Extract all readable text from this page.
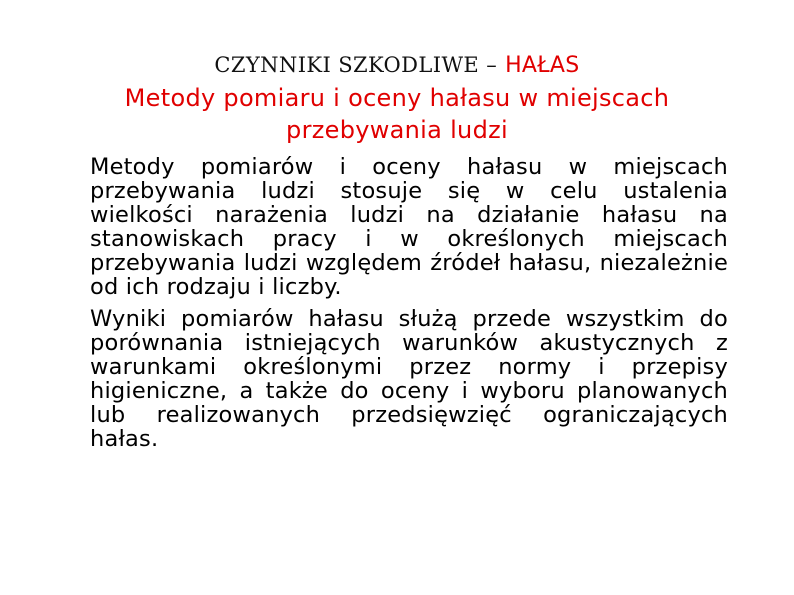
CZYNNIKI SZKODLIWE – HAŁAS
Metody pomiaru i oceny hałasu w miejscach
przebywania ludzi

Metody pomiarów i oceny hałasu w miejscach przebywania ludzi stosuje się w celu ustalenia wielkości narażenia ludzi na działanie hałasu na stanowiskach pracy i w określonych miejscach przebywania ludzi względem źródeł hałasu, niezależnie od ich rodzaju i liczby.

Wyniki pomiarów hałasu służą przede wszystkim do porównania istniejących warunków akustycznych z warunkami określonymi przez normy i przepisy higieniczne, a także do oceny i wyboru planowanych lub realizowanych przedsięwzięć ograniczających hałas.
